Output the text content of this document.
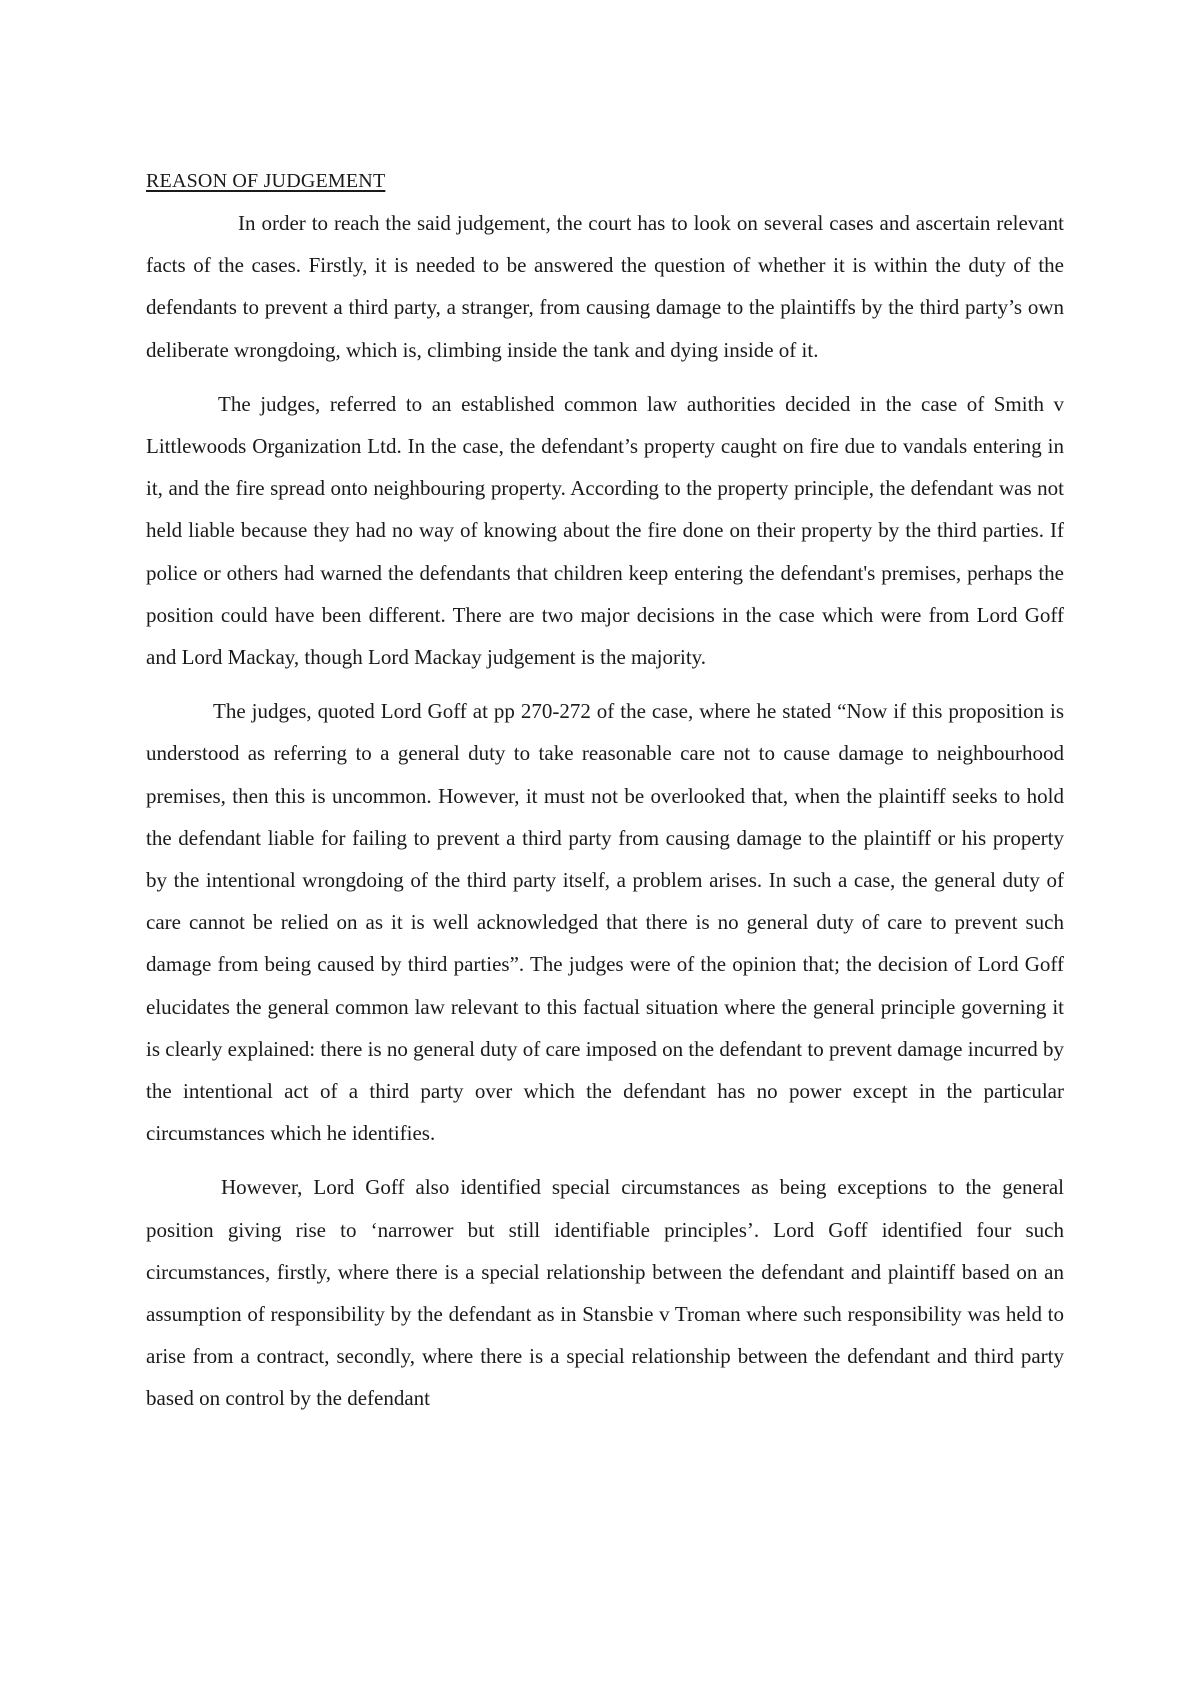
REASON OF JUDGEMENT

In order to reach the said judgement, the court has to look on several cases and ascertain relevant facts of the cases. Firstly, it is needed to be answered the question of whether it is within the duty of the defendants to prevent a third party, a stranger, from causing damage to the plaintiffs by the third party’s own deliberate wrongdoing, which is, climbing inside the tank and dying inside of it.

The judges, referred to an established common law authorities decided in the case of Smith v Littlewoods Organization Ltd. In the case, the defendant’s property caught on fire due to vandals entering in it, and the fire spread onto neighbouring property. According to the property principle, the defendant was not held liable because they had no way of knowing about the fire done on their property by the third parties. If police or others had warned the defendants that children keep entering the defendant's premises, perhaps the position could have been different. There are two major decisions in the case which were from Lord Goff and Lord Mackay, though Lord Mackay judgement is the majority.

The judges, quoted Lord Goff at pp 270-272 of the case, where he stated “Now if this proposition is understood as referring to a general duty to take reasonable care not to cause damage to neighbourhood premises, then this is uncommon. However, it must not be overlooked that, when the plaintiff seeks to hold the defendant liable for failing to prevent a third party from causing damage to the plaintiff or his property by the intentional wrongdoing of the third party itself, a problem arises. In such a case, the general duty of care cannot be relied on as it is well acknowledged that there is no general duty of care to prevent such damage from being caused by third parties”. The judges were of the opinion that; the decision of Lord Goff elucidates the general common law relevant to this factual situation where the general principle governing it is clearly explained: there is no general duty of care imposed on the defendant to prevent damage incurred by the intentional act of a third party over which the defendant has no power except in the particular circumstances which he identifies.

However, Lord Goff also identified special circumstances as being exceptions to the general position giving rise to ‘narrower but still identifiable principles’. Lord Goff identified four such circumstances, firstly, where there is a special relationship between the defendant and plaintiff based on an assumption of responsibility by the defendant as in Stansbie v Troman where such responsibility was held to arise from a contract, secondly, where there is a special relationship between the defendant and third party based on control by the defendant
